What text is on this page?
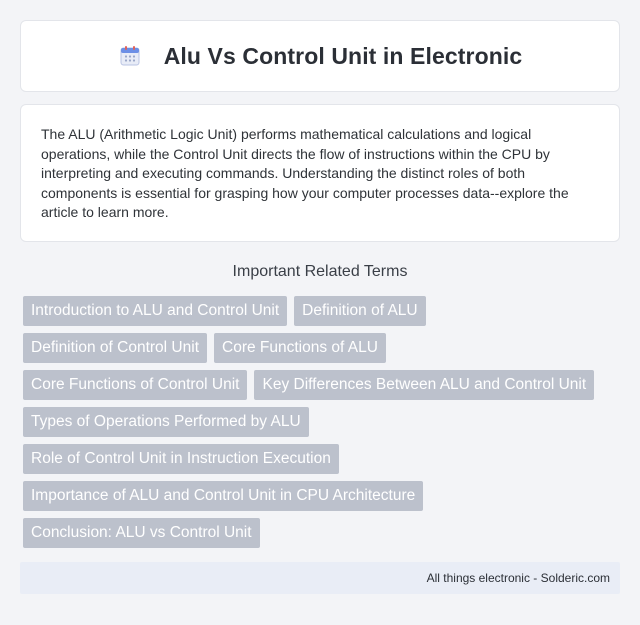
Alu Vs Control Unit in Electronic

The ALU (Arithmetic Logic Unit) performs mathematical calculations and logical operations, while the Control Unit directs the flow of instructions within the CPU by interpreting and executing commands. Understanding the distinct roles of both components is essential for grasping how your computer processes data--explore the article to learn more.

Important Related Terms
Introduction to ALU and Control Unit	Definition of ALU
Definition of Control Unit	Core Functions of ALU
Core Functions of Control Unit	Key Differences Between ALU and Control Unit
Types of Operations Performed by ALU
Role of Control Unit in Instruction Execution
Importance of ALU and Control Unit in CPU Architecture
Conclusion: ALU vs Control Unit
All things electronic - Solderic.com
